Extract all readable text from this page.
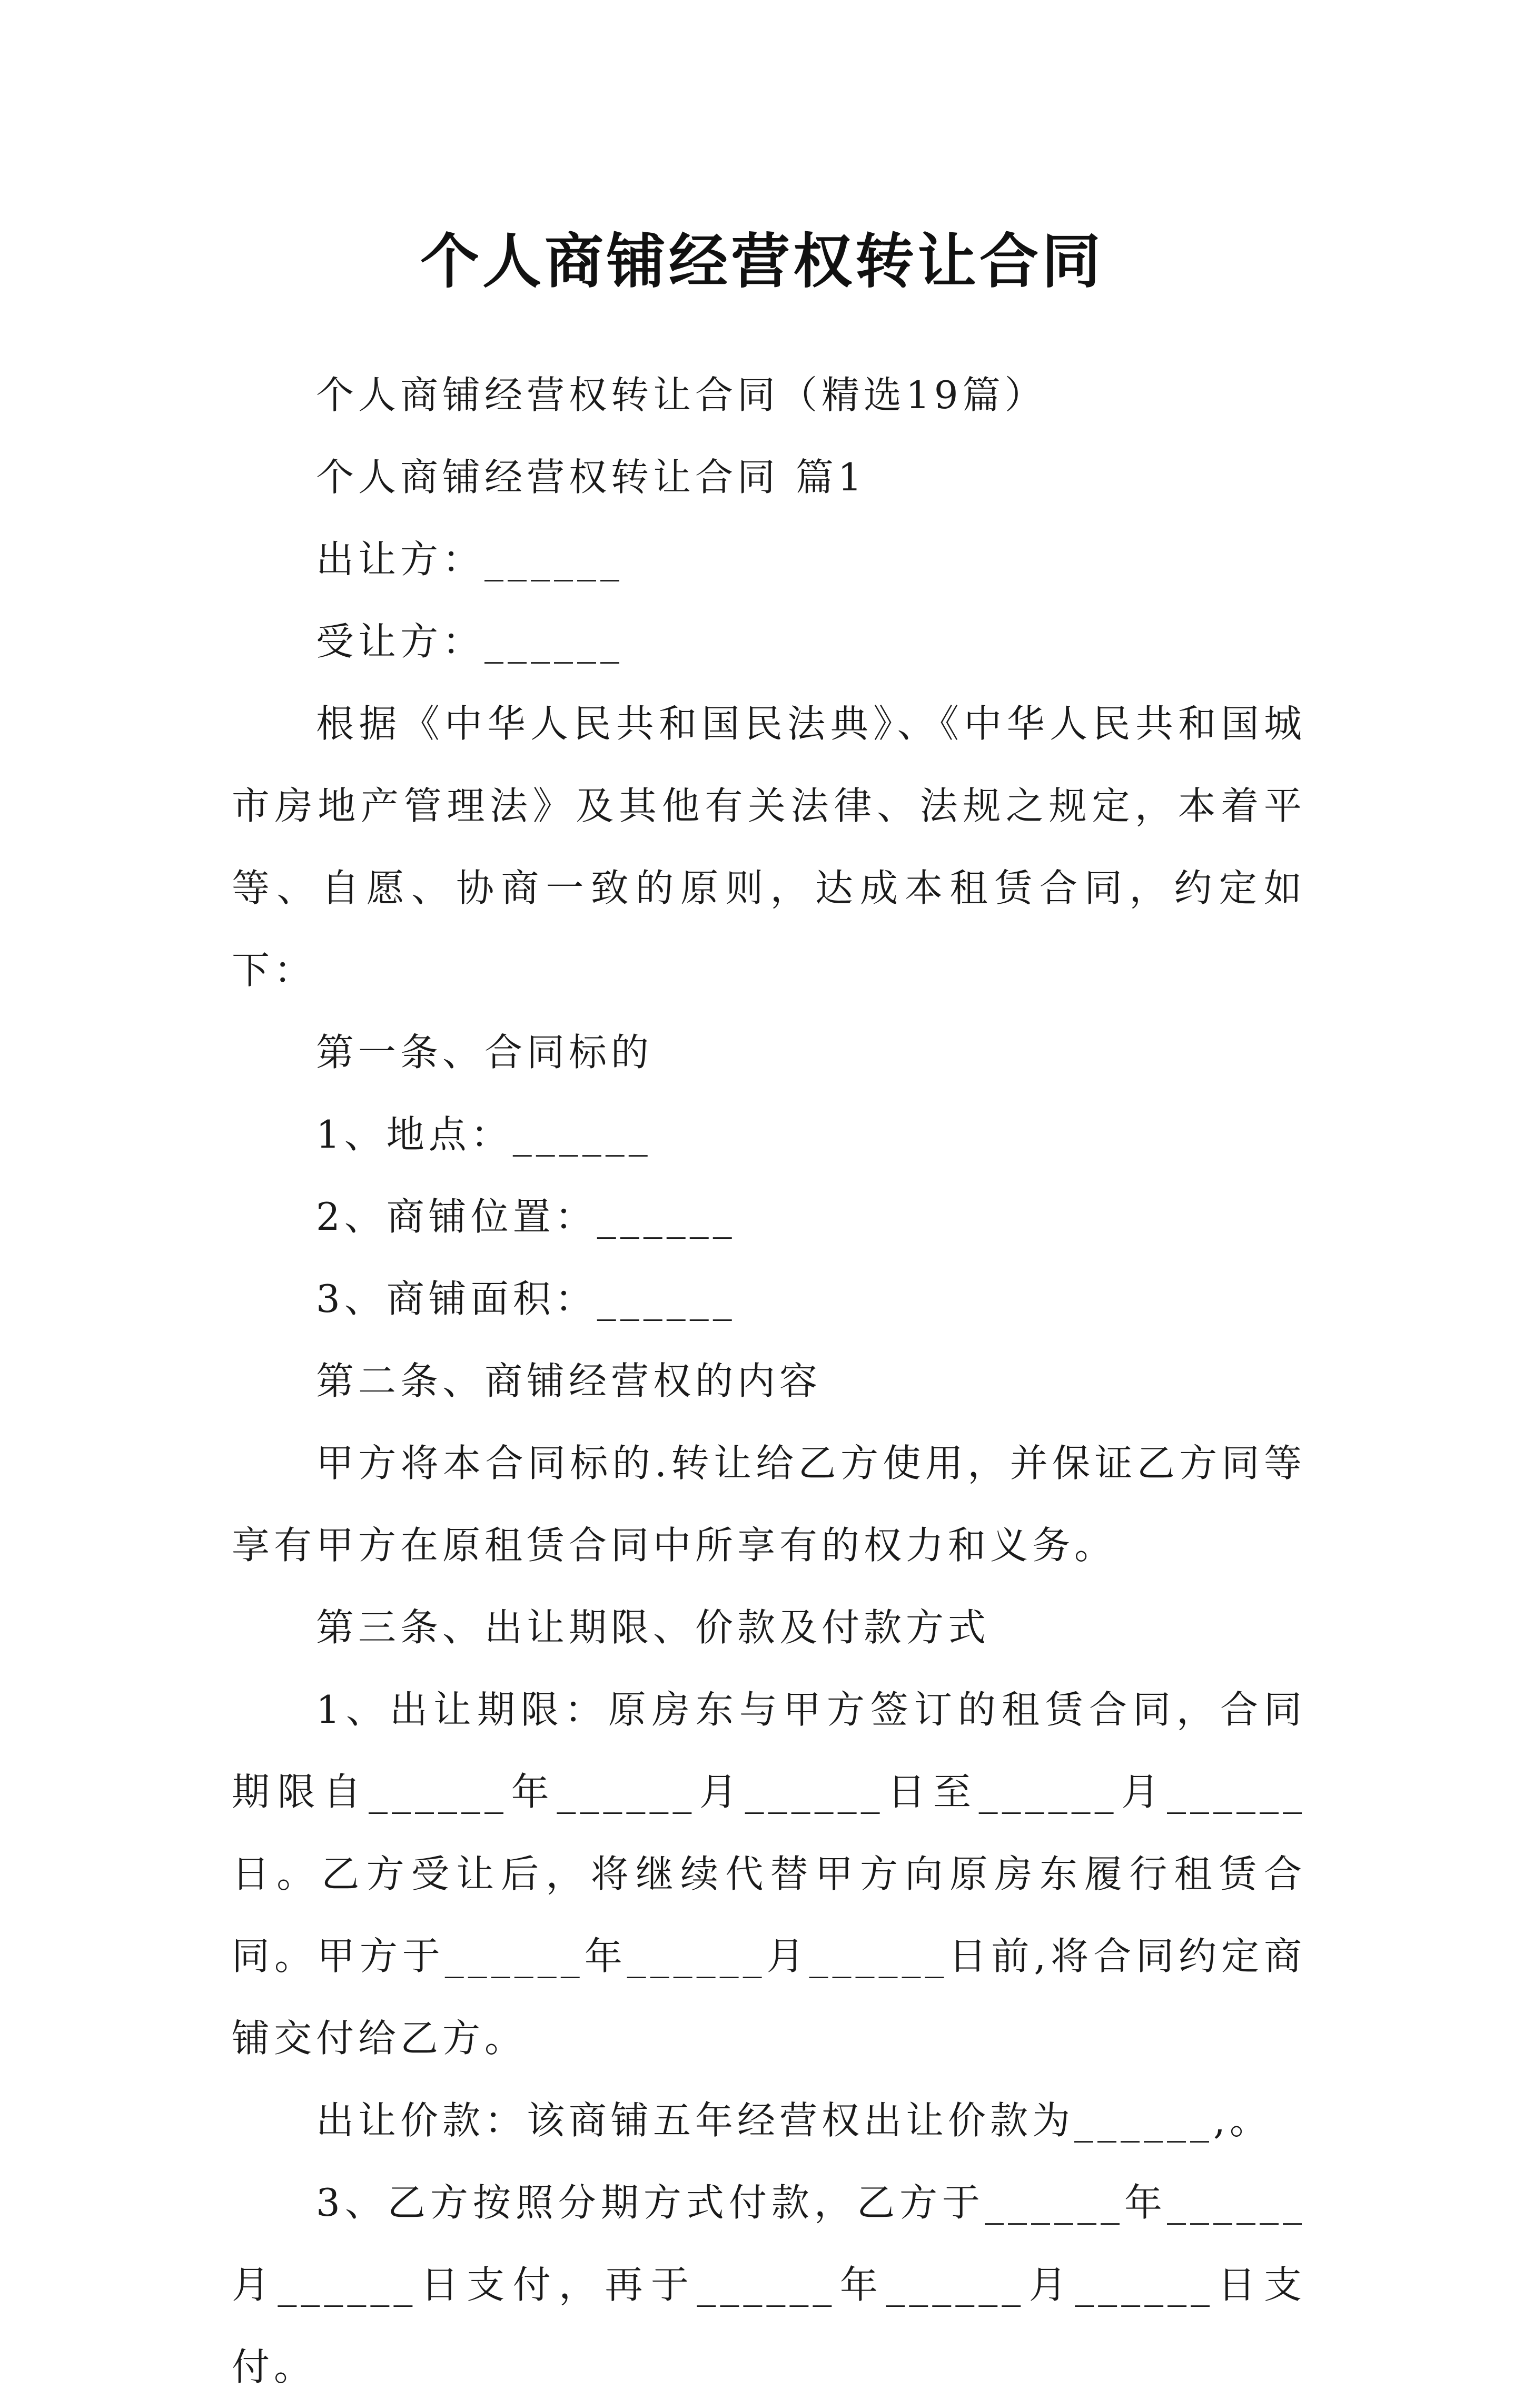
个人商铺经营权转让合同

个人商铺经营权转让合同（精选19篇）

个人商铺经营权转让合同 篇1

出让方：______

受让方：______

根据《中华人民共和国民法典》、《中华人民共和国城市房地产管理法》及其他有关法律、法规之规定，本着平等、自愿、协商一致的原则，达成本租赁合同，约定如下：

第一条、合同标的

1、地点：______

2、商铺位置：______

3、商铺面积：______

第二条、商铺经营权的内容

甲方将本合同标的.转让给乙方使用，并保证乙方同等享有甲方在原租赁合同中所享有的权力和义务。

第三条、出让期限、价款及付款方式

1、出让期限：原房东与甲方签订的租赁合同，合同期限自______年______月______日至______月______日。乙方受让后，将继续代替甲方向原房东履行租赁合同。甲方于______年______月______日前,将合同约定商铺交付给乙方。

出让价款：该商铺五年经营权出让价款为______,。

3、乙方按照分期方式付款，乙方于______年______月______日支付，再于______年______月______日支付。
